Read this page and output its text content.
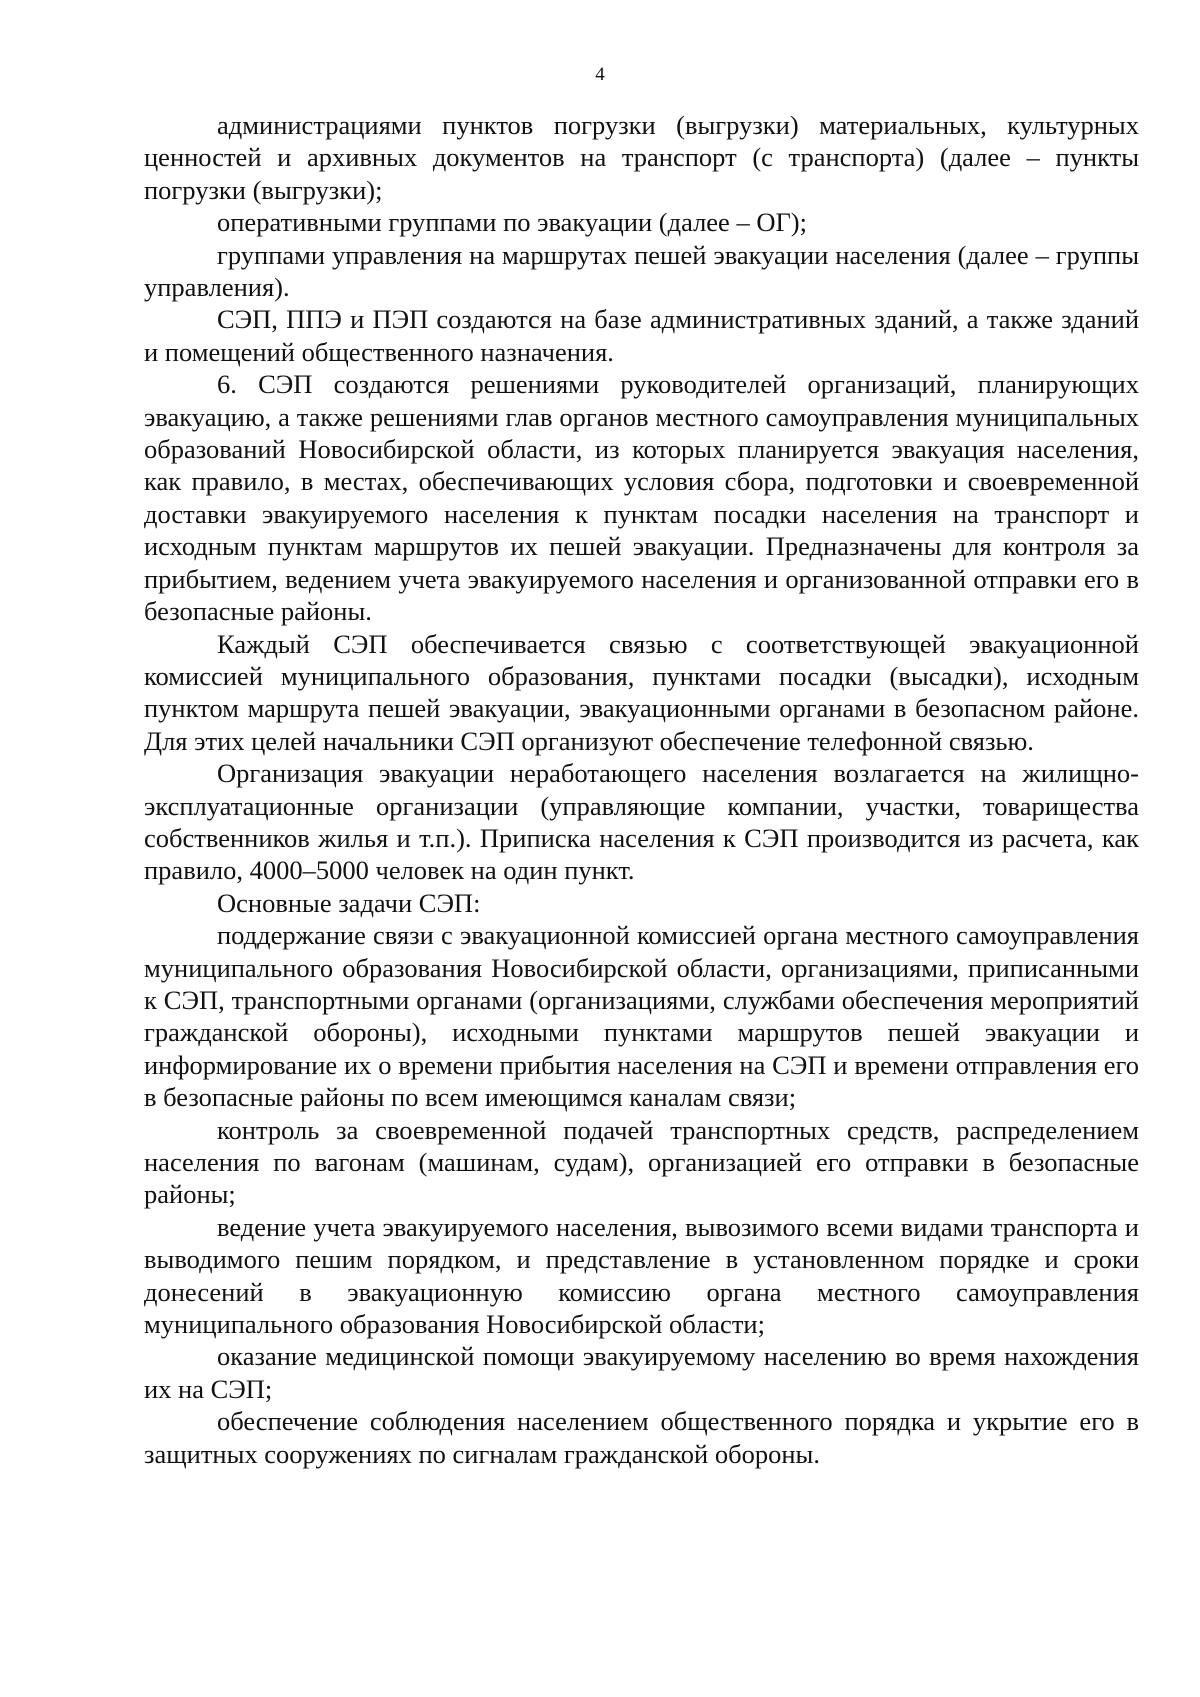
4

администрациями пунктов погрузки (выгрузки) материальных, культурных ценностей и архивных документов на транспорт (с транспорта) (далее – пункты погрузки (выгрузки);

оперативными группами по эвакуации (далее – ОГ);

группами управления на маршрутах пешей эвакуации населения (далее – группы управления).

СЭП, ППЭ и ПЭП создаются на базе административных зданий, а также зданий и помещений общественного назначения.

6. СЭП создаются решениями руководителей организаций, планирующих эвакуацию, а также решениями глав органов местного самоуправления муниципальных образований Новосибирской области, из которых планируется эвакуация населения, как правило, в местах, обеспечивающих условия сбора, подготовки и своевременной доставки эвакуируемого населения к пунктам посадки населения на транспорт и исходным пунктам маршрутов их пешей эвакуации. Предназначены для контроля за прибытием, ведением учета эвакуируемого населения и организованной отправки его в безопасные районы.

Каждый СЭП обеспечивается связью с соответствующей эвакуационной комиссией муниципального образования, пунктами посадки (высадки), исходным пунктом маршрута пешей эвакуации, эвакуационными органами в безопасном районе. Для этих целей начальники СЭП организуют обеспечение телефонной связью.

Организация эвакуации неработающего населения возлагается на жилищно-эксплуатационные организации (управляющие компании, участки, товарищества собственников жилья и т.п.). Приписка населения к СЭП производится из расчета, как правило, 4000–5000 человек на один пункт.

Основные задачи СЭП:

поддержание связи с эвакуационной комиссией органа местного самоуправления муниципального образования Новосибирской области, организациями, приписанными к СЭП, транспортными органами (организациями, службами обеспечения мероприятий гражданской обороны), исходными пунктами маршрутов пешей эвакуации и информирование их о времени прибытия населения на СЭП и времени отправления его в безопасные районы по всем имеющимся каналам связи;

контроль за своевременной подачей транспортных средств, распределением населения по вагонам (машинам, судам), организацией его отправки в безопасные районы;

ведение учета эвакуируемого населения, вывозимого всеми видами транспорта и выводимого пешим порядком, и представление в установленном порядке и сроки донесений в эвакуационную комиссию органа местного самоуправления муниципального образования Новосибирской области;

оказание медицинской помощи эвакуируемому населению во время нахождения их на СЭП;

обеспечение соблюдения населением общественного порядка и укрытие его в защитных сооружениях по сигналам гражданской обороны.
